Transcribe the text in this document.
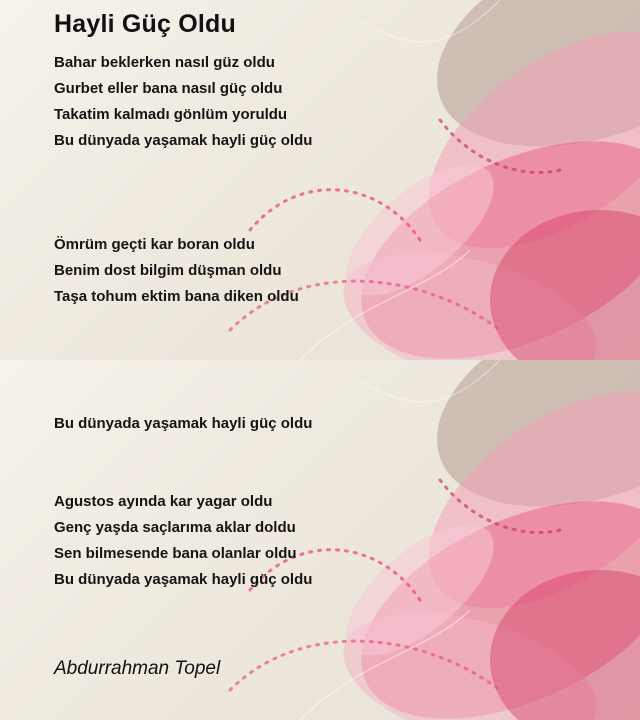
Hayli Güç Oldu
Bahar beklerken nasıl güz oldu
Gurbet eller bana nasıl güç oldu
Takatim kalmadı gönlüm yoruldu
Bu dünyada yaşamak hayli güç oldu
Ömrüm geçti kar boran oldu
Benim dost bilgim düşman oldu
Taşa tohum ektim bana diken oldu
Bu dünyada yaşamak hayli güç oldu
Agustos ayında kar yagar oldu
Genç yaşda saçlarıma aklar doldu
Sen bilmesende bana olanlar oldu
Bu dünyada yaşamak hayli güç oldu
Abdurrahman Topel
